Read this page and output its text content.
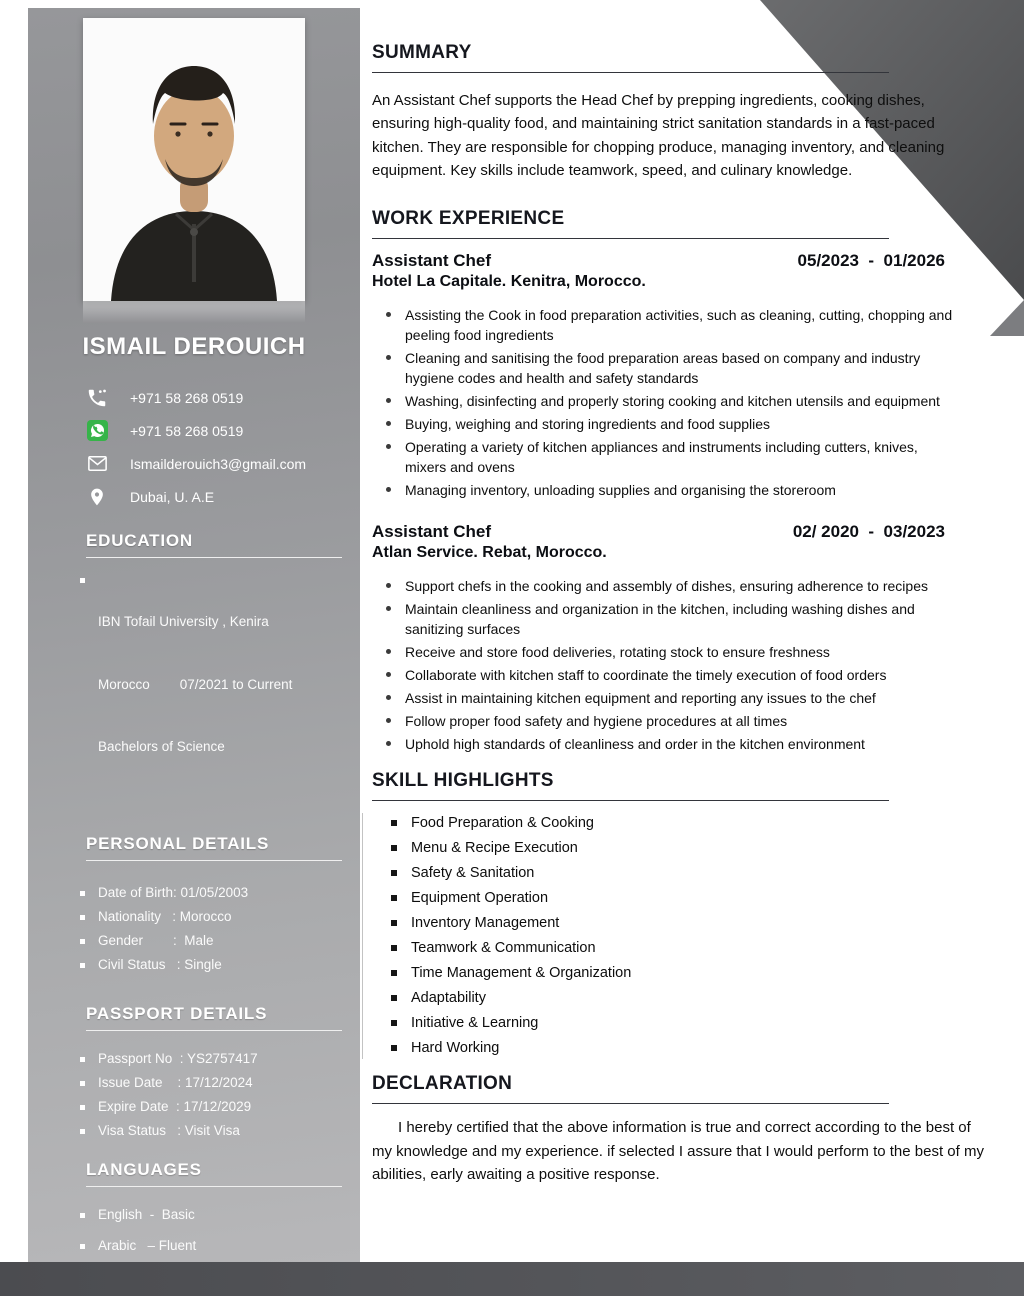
ISMAIL DEROUICH
+971 58 268 0519
+971 58 268 0519
Ismailderouich3@gmail.com
Dubai, U. A.E
EDUCATION

IBN Tofail University , Kenira

Morocco        07/2021 to Current

Bachelors of Science

PERSONAL DETAILS
Date of Birth: 01/05/2003
Nationality   : Morocco
Gender        :  Male
Civil Status   : Single
PASSPORT DETAILS
Passport No  : YS2757417
Issue Date    : 17/12/2024
Expire Date  : 17/12/2029
Visa Status   : Visit Visa
LANGUAGES
English  -  Basic
Arabic   – Fluent
SUMMARY

An Assistant Chef supports the Head Chef by prepping ingredients, cooking dishes, ensuring high-quality food, and maintaining strict sanitation standards in a fast-paced kitchen. They are responsible for chopping produce, managing inventory, and cleaning equipment. Key skills include teamwork, speed, and culinary knowledge.

WORK EXPERIENCE
Assistant Chef	05/2023  -  01/2026
Hotel La Capitale. Kenitra, Morocco.
Assisting the Cook in food preparation activities, such as cleaning, cutting, chopping and peeling food ingredients
Cleaning and sanitising the food preparation areas based on company and industry hygiene codes and health and safety standards
Washing, disinfecting and properly storing cooking and kitchen utensils and equipment
Buying, weighing and storing ingredients and food supplies
Operating a variety of kitchen appliances and instruments including cutters, knives, mixers and ovens
Managing inventory, unloading supplies and organising the storeroom
Assistant Chef	02/ 2020  -  03/2023
Atlan Service. Rebat, Morocco.
Support chefs in the cooking and assembly of dishes, ensuring adherence to recipes
Maintain cleanliness and organization in the kitchen, including washing dishes and sanitizing surfaces
Receive and store food deliveries, rotating stock to ensure freshness
Collaborate with kitchen staff to coordinate the timely execution of food orders
Assist in maintaining kitchen equipment and reporting any issues to the chef
Follow proper food safety and hygiene procedures at all times
Uphold high standards of cleanliness and order in the kitchen environment
SKILL HIGHLIGHTS
Food Preparation & Cooking
Menu & Recipe Execution
Safety & Sanitation
Equipment Operation
Inventory Management
Teamwork & Communication
Time Management & Organization
Adaptability
Initiative & Learning
Hard Working
DECLARATION

I hereby certified that the above information is true and correct according to the best of my knowledge and my experience. if selected I assure that I would perform to the best of my abilities, early awaiting a positive response.
